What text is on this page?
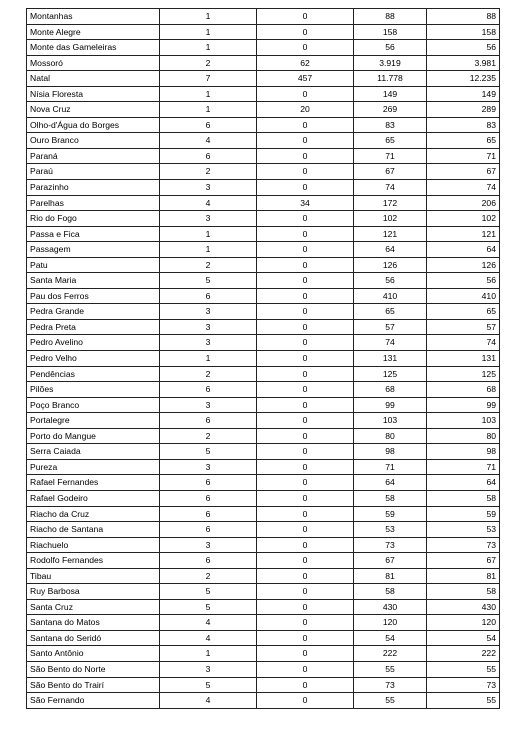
Montanhas	1	0	88	88
Monte Alegre	1	0	158	158
Monte das Gameleiras	1	0	56	56
Mossoró	2	62	3.919	3.981
Natal	7	457	11.778	12.235
Nísia Floresta	1	0	149	149
Nova Cruz	1	20	269	289
Olho-d'Água do Borges	6	0	83	83
Ouro Branco	4	0	65	65
Paraná	6	0	71	71
Paraú	2	0	67	67
Parazinho	3	0	74	74
Parelhas	4	34	172	206
Rio do Fogo	3	0	102	102
Passa e Fica	1	0	121	121
Passagem	1	0	64	64
Patu	2	0	126	126
Santa Maria	5	0	56	56
Pau dos Ferros	6	0	410	410
Pedra Grande	3	0	65	65
Pedra Preta	3	0	57	57
Pedro Avelino	3	0	74	74
Pedro Velho	1	0	131	131
Pendências	2	0	125	125
Pilões	6	0	68	68
Poço Branco	3	0	99	99
Portalegre	6	0	103	103
Porto do Mangue	2	0	80	80
Serra Caiada	5	0	98	98
Pureza	3	0	71	71
Rafael Fernandes	6	0	64	64
Rafael Godeiro	6	0	58	58
Riacho da Cruz	6	0	59	59
Riacho de Santana	6	0	53	53
Riachuelo	3	0	73	73
Rodolfo Fernandes	6	0	67	67
Tibau	2	0	81	81
Ruy Barbosa	5	0	58	58
Santa Cruz	5	0	430	430
Santana do Matos	4	0	120	120
Santana do Seridó	4	0	54	54
Santo Antônio	1	0	222	222
São Bento do Norte	3	0	55	55
São Bento do Trairí	5	0	73	73
São Fernando	4	0	55	55
